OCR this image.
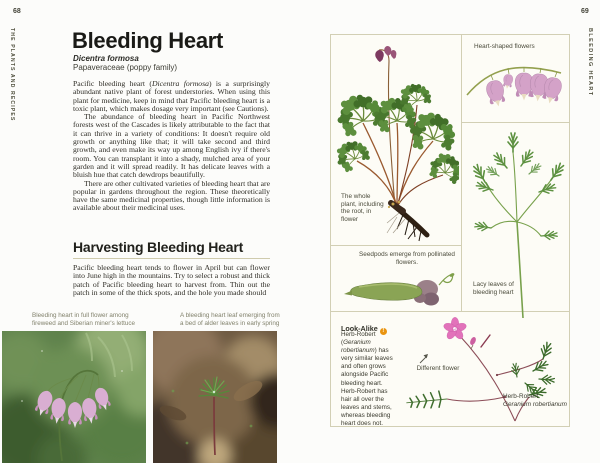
68
THE PLANTS AND RECIPES	Bleeding Heart
Dicentra formosa
Papaveraceae (poppy family)

Pacific bleeding heart (Dicentra formosa) is a surprisingly abundant native plant of forest understories. When using this plant for medicine, keep in mind that Pacific bleeding heart is a toxic plant, which makes dosage very important (see Cautions).

The abundance of bleeding heart in Pacific Northwest forests west of the Cascades is likely attributable to the fact that it can thrive in a variety of conditions: It doesn't require old growth or anything like that; it will take second and third growth, and even make its way up among English ivy if there's room. You can transplant it into a shady, mulched area of your garden and it will spread readily. It has delicate leaves with a bluish hue that catch dewdrops beautifully.

There are other cultivated varieties of bleeding heart that are popular in gardens throughout the region. These theoretically have the same medicinal properties, though little information is available about their medicinal uses.

Harvesting Bleeding Heart
Pacific bleeding heart tends to flower in April but can flower into June high in the mountains. Try to select a robust and thick patch of Pacific bleeding heart to harvest from. Thin out the patch in some of the thick spots, and the hole you made should
Bleeding heart in full flower among fireweed and Siberian miner's lettuce
A bleeding heart leaf emerging from a bed of alder leaves in early spring
69
BLEEDING HEART
The whole plant, including the root, in flower
Heart-shaped flowers
Lacy leaves of bleeding heart
Seedpods emerge from pollinated flowers.
Look-Alike !
Herb-Robert (Geranium robertianum) has very similar leaves and often grows alongside Pacific bleeding heart. Herb-Robert has hair all over the leaves and stems, whereas bleeding heart does not.
Different flower
Herb-Robert
Geranium robertianum
